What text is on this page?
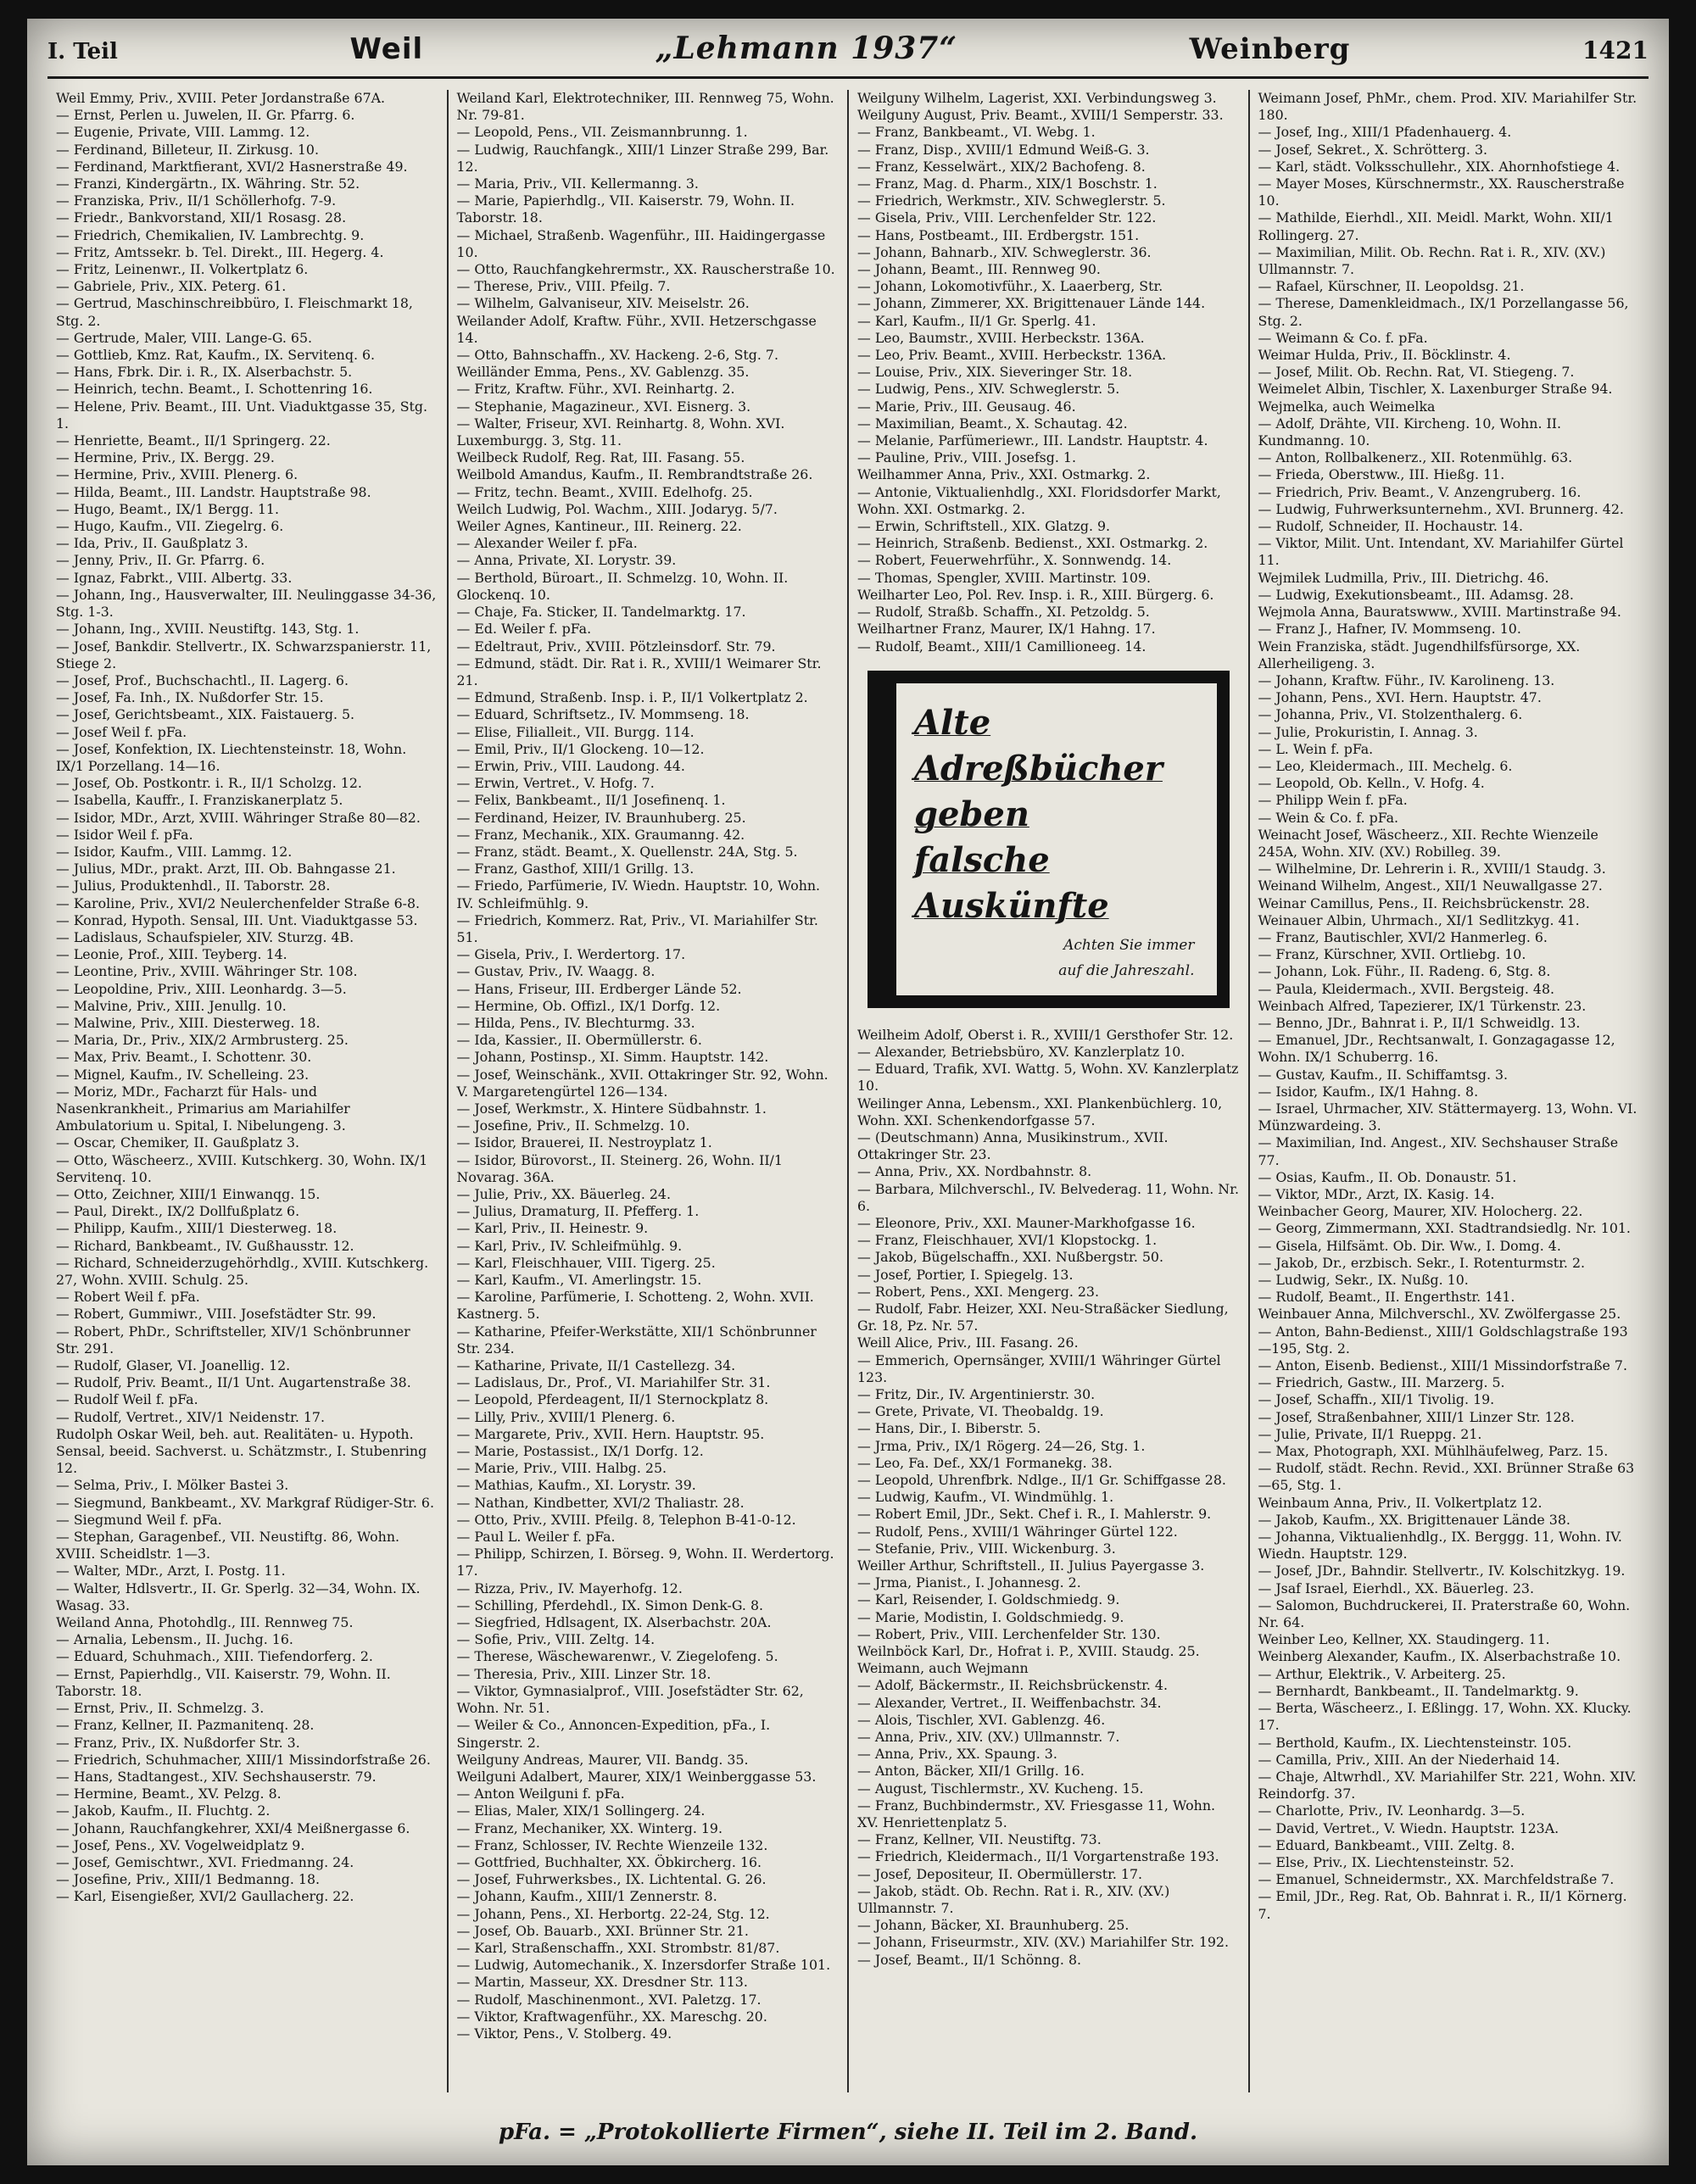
I. Teil	Weil	„Lehmann 1937“	Weinberg	1421

Weil Emmy, Priv., XVIII. Peter Jordanstraße 67A.

— Ernst, Perlen u. Juwelen, II. Gr. Pfarrg. 6.

— Eugenie, Private, VIII. Lammg. 12.

— Ferdinand, Billeteur, II. Zirkusg. 10.

— Ferdinand, Marktfierant, XVI/2 Hasnerstraße 49.

— Franzi, Kindergärtn., IX. Währing. Str. 52.

— Franziska, Priv., II/1 Schöllerhofg. 7-9.

— Friedr., Bankvorstand, XII/1 Rosasg. 28.

— Friedrich, Chemikalien, IV. Lambrechtg. 9.

— Fritz, Amtssekr. b. Tel. Direkt., III. Hegerg. 4.

— Fritz, Leinenwr., II. Volkertplatz 6.

— Gabriele, Priv., XIX. Peterg. 61.

— Gertrud, Maschinschreibbüro, I. Fleischmarkt 18, Stg. 2.

— Gertrude, Maler, VIII. Lange-G. 65.

— Gottlieb, Kmz. Rat, Kaufm., IX. Servitenq. 6.

— Hans, Fbrk. Dir. i. R., IX. Alserbachstr. 5.

— Heinrich, techn. Beamt., I. Schottenring 16.

— Helene, Priv. Beamt., III. Unt. Viaduktgasse 35, Stg. 1.

— Henriette, Beamt., II/1 Springerg. 22.

— Hermine, Priv., IX. Bergg. 29.

— Hermine, Priv., XVIII. Plenerg. 6.

— Hilda, Beamt., III. Landstr. Hauptstraße 98.

— Hugo, Beamt., IX/1 Bergg. 11.

— Hugo, Kaufm., VII. Ziegelrg. 6.

— Ida, Priv., II. Gaußplatz 3.

— Jenny, Priv., II. Gr. Pfarrg. 6.

— Ignaz, Fabrkt., VIII. Albertg. 33.

— Johann, Ing., Hausverwalter, III. Neulinggasse 34-36, Stg. 1-3.

— Johann, Ing., XVIII. Neustiftg. 143, Stg. 1.

— Josef, Bankdir. Stellvertr., IX. Schwarzspanierstr. 11, Stiege 2.

— Josef, Prof., Buchschachtl., II. Lagerg. 6.

— Josef, Fa. Inh., IX. Nußdorfer Str. 15.

— Josef, Gerichtsbeamt., XIX. Faistauerg. 5.

— Josef Weil f. pFa.

— Josef, Konfektion, IX. Liechtensteinstr. 18, Wohn. IX/1 Porzellang. 14—16.

— Josef, Ob. Postkontr. i. R., II/1 Scholzg. 12.

— Isabella, Kauffr., I. Franziskanerplatz 5.

— Isidor, MDr., Arzt, XVIII. Währinger Straße 80—82.

— Isidor Weil f. pFa.

— Isidor, Kaufm., VIII. Lammg. 12.

— Julius, MDr., prakt. Arzt, III. Ob. Bahngasse 21.

— Julius, Produktenhdl., II. Taborstr. 28.

— Karoline, Priv., XVI/2 Neulerchenfelder Straße 6-8.

— Konrad, Hypoth. Sensal, III. Unt. Viaduktgasse 53.

— Ladislaus, Schaufspieler, XIV. Sturzg. 4B.

— Leonie, Prof., XIII. Teyberg. 14.

— Leontine, Priv., XVIII. Währinger Str. 108.

— Leopoldine, Priv., XIII. Leonhardg. 3—5.

— Malvine, Priv., XIII. Jenullg. 10.

— Malwine, Priv., XIII. Diesterweg. 18.

— Maria, Dr., Priv., XIX/2 Armbrusterg. 25.

— Max, Priv. Beamt., I. Schottenr. 30.

— Mignel, Kaufm., IV. Schelleing. 23.

— Moriz, MDr., Facharzt für Hals- und Nasenkrankheit., Primarius am Mariahilfer Ambulatorium u. Spital, I. Nibelungeng. 3.

— Oscar, Chemiker, II. Gaußplatz 3.

— Otto, Wäscheerz., XVIII. Kutschkerg. 30, Wohn. IX/1 Servitenq. 10.

— Otto, Zeichner, XIII/1 Einwanqg. 15.

— Paul, Direkt., IX/2 Dollfußplatz 6.

— Philipp, Kaufm., XIII/1 Diesterweg. 18.

— Richard, Bankbeamt., IV. Gußhausstr. 12.

— Richard, Schneiderzugehörhdlg., XVIII. Kutschkerg. 27, Wohn. XVIII. Schulg. 25.

— Robert Weil f. pFa.

— Robert, Gummiwr., VIII. Josefstädter Str. 99.

— Robert, PhDr., Schriftsteller, XIV/1 Schönbrunner Str. 291.

— Rudolf, Glaser, VI. Joanellig. 12.

— Rudolf, Priv. Beamt., II/1 Unt. Augartenstraße 38.

— Rudolf Weil f. pFa.

— Rudolf, Vertret., XIV/1 Neidenstr. 17.

Rudolph Oskar Weil, beh. aut. Realitäten- u. Hypoth. Sensal, beeid. Sachverst. u. Schätzmstr., I. Stubenring 12.

— Selma, Priv., I. Mölker Bastei 3.

— Siegmund, Bankbeamt., XV. Markgraf Rüdiger-Str. 6.

— Siegmund Weil f. pFa.

— Stephan, Garagenbef., VII. Neustiftg. 86, Wohn. XVIII. Scheidlstr. 1—3.

— Walter, MDr., Arzt, I. Postg. 11.

— Walter, Hdlsvertr., II. Gr. Sperlg. 32—34, Wohn. IX. Wasag. 33.

Weiland Anna, Photohdlg., III. Rennweg 75.

— Arnalia, Lebensm., II. Juchg. 16.

— Eduard, Schuhmach., XIII. Tiefendorferg. 2.

— Ernst, Papierhdlg., VII. Kaiserstr. 79, Wohn. II. Taborstr. 18.

— Ernst, Priv., II. Schmelzg. 3.

— Franz, Kellner, II. Pazmanitenq. 28.

— Franz, Priv., IX. Nußdorfer Str. 3.

— Friedrich, Schuhmacher, XIII/1 Missindorfstraße 26.

— Hans, Stadtangest., XIV. Sechshauserstr. 79.

— Hermine, Beamt., XV. Pelzg. 8.

— Jakob, Kaufm., II. Fluchtg. 2.

— Johann, Rauchfangkehrer, XXI/4 Meißnergasse 6.

— Josef, Pens., XV. Vogelweidplatz 9.

— Josef, Gemischtwr., XVI. Friedmanng. 24.

— Josefine, Priv., XIII/1 Bedmanng. 18.

— Karl, Eisengießer, XVI/2 Gaullacherg. 22.

Weiland Karl, Elektrotechniker, III. Rennweg 75, Wohn. Nr. 79-81.

— Leopold, Pens., VII. Zeismannbrunng. 1.

— Ludwig, Rauchfangk., XIII/1 Linzer Straße 299, Bar. 12.

— Maria, Priv., VII. Kellermanng. 3.

— Marie, Papierhdlg., VII. Kaiserstr. 79, Wohn. II. Taborstr. 18.

— Michael, Straßenb. Wagenführ., III. Haidingergasse 10.

— Otto, Rauchfangkehrermstr., XX. Rauscherstraße 10.

— Therese, Priv., VIII. Pfeilg. 7.

— Wilhelm, Galvaniseur, XIV. Meiselstr. 26.

Weilander Adolf, Kraftw. Führ., XVII. Hetzerschgasse 14.

— Otto, Bahnschaffn., XV. Hackeng. 2-6, Stg. 7.

Weilländer Emma, Pens., XV. Gablenzg. 35.

— Fritz, Kraftw. Führ., XVI. Reinhartg. 2.

— Stephanie, Magazineur., XVI. Eisnerg. 3.

— Walter, Friseur, XVI. Reinhartg. 8, Wohn. XVI. Luxemburgg. 3, Stg. 11.

Weilbeck Rudolf, Reg. Rat, III. Fasang. 55.

Weilbold Amandus, Kaufm., II. Rembrandtstraße 26.

— Fritz, techn. Beamt., XVIII. Edelhofg. 25.

Weilch Ludwig, Pol. Wachm., XIII. Jodaryg. 5/7.

Weiler Agnes, Kantineur., III. Reinerg. 22.

— Alexander Weiler f. pFa.

— Anna, Private, XI. Lorystr. 39.

— Berthold, Büroart., II. Schmelzg. 10, Wohn. II. Glockenq. 10.

— Chaje, Fa. Sticker, II. Tandelmarktg. 17.

— Ed. Weiler f. pFa.

— Edeltraut, Priv., XVIII. Pötzleinsdorf. Str. 79.

— Edmund, städt. Dir. Rat i. R., XVIII/1 Weimarer Str. 21.

— Edmund, Straßenb. Insp. i. P., II/1 Volkertplatz 2.

— Eduard, Schriftsetz., IV. Mommseng. 18.

— Elise, Filialleit., VII. Burgg. 114.

— Emil, Priv., II/1 Glockeng. 10—12.

— Erwin, Priv., VIII. Laudong. 44.

— Erwin, Vertret., V. Hofg. 7.

— Felix, Bankbeamt., II/1 Josefinenq. 1.

— Ferdinand, Heizer, IV. Braunhuberg. 25.

— Franz, Mechanik., XIX. Graumanng. 42.

— Franz, städt. Beamt., X. Quellenstr. 24A, Stg. 5.

— Franz, Gasthof, XIII/1 Grillg. 13.

— Friedo, Parfümerie, IV. Wiedn. Hauptstr. 10, Wohn. IV. Schleifmühlg. 9.

— Friedrich, Kommerz. Rat, Priv., VI. Mariahilfer Str. 51.

— Gisela, Priv., I. Werdertorg. 17.

— Gustav, Priv., IV. Waagg. 8.

— Hans, Friseur, III. Erdberger Lände 52.

— Hermine, Ob. Offizl., IX/1 Dorfg. 12.

— Hilda, Pens., IV. Blechturmg. 33.

— Ida, Kassier., II. Obermüllerstr. 6.

— Johann, Postinsp., XI. Simm. Hauptstr. 142.

— Josef, Weinschänk., XVII. Ottakringer Str. 92, Wohn. V. Margaretengürtel 126—134.

— Josef, Werkmstr., X. Hintere Südbahnstr. 1.

— Josefine, Priv., II. Schmelzg. 10.

— Isidor, Brauerei, II. Nestroyplatz 1.

— Isidor, Bürovorst., II. Steinerg. 26, Wohn. II/1 Novarag. 36A.

— Julie, Priv., XX. Bäuerleg. 24.

— Julius, Dramaturg, II. Pfefferg. 1.

— Karl, Priv., II. Heinestr. 9.

— Karl, Priv., IV. Schleifmühlg. 9.

— Karl, Fleischhauer, VIII. Tigerg. 25.

— Karl, Kaufm., VI. Amerlingstr. 15.

— Karoline, Parfümerie, I. Schotteng. 2, Wohn. XVII. Kastnerg. 5.

— Katharine, Pfeifer-Werkstätte, XII/1 Schönbrunner Str. 234.

— Katharine, Private, II/1 Castellezg. 34.

— Ladislaus, Dr., Prof., VI. Mariahilfer Str. 31.

— Leopold, Pferdeagent, II/1 Sternockplatz 8.

— Lilly, Priv., XVIII/1 Plenerg. 6.

— Margarete, Priv., XVII. Hern. Hauptstr. 95.

— Marie, Postassist., IX/1 Dorfg. 12.

— Marie, Priv., VIII. Halbg. 25.

— Mathias, Kaufm., XI. Lorystr. 39.

— Nathan, Kindbetter, XVI/2 Thaliastr. 28.

— Otto, Priv., XVIII. Pfeilg. 8, Telephon B-41-0-12.

— Paul L. Weiler f. pFa.

— Philipp, Schirzen, I. Börseg. 9, Wohn. II. Werdertorg. 17.

— Rizza, Priv., IV. Mayerhofg. 12.

— Schilling, Pferdehdl., IX. Simon Denk-G. 8.

— Siegfried, Hdlsagent, IX. Alserbachstr. 20A.

— Sofie, Priv., VIII. Zeltg. 14.

— Therese, Wäschewarenwr., V. Ziegelofeng. 5.

— Theresia, Priv., XIII. Linzer Str. 18.

— Viktor, Gymnasialprof., VIII. Josefstädter Str. 62, Wohn. Nr. 51.

— Weiler & Co., Annoncen-Expedition, pFa., I. Singerstr. 2.

Weilguny Andreas, Maurer, VII. Bandg. 35.

Weilguni Adalbert, Maurer, XIX/1 Weinberggasse 53.

— Anton Weilguni f. pFa.

— Elias, Maler, XIX/1 Sollingerg. 24.

— Franz, Mechaniker, XX. Winterg. 19.

— Franz, Schlosser, IV. Rechte Wienzeile 132.

— Gottfried, Buchhalter, XX. Öbkircherg. 16.

— Josef, Fuhrwerksbes., IX. Lichtental. G. 26.

— Johann, Kaufm., XIII/1 Zennerstr. 8.

— Johann, Pens., XI. Herbortg. 22-24, Stg. 12.

— Josef, Ob. Bauarb., XXI. Brünner Str. 21.

— Karl, Straßenschaffn., XXI. Strombstr. 81/87.

— Ludwig, Automechanik., X. Inzersdorfer Straße 101.

— Martin, Masseur, XX. Dresdner Str. 113.

— Rudolf, Maschinenmont., XVI. Paletzg. 17.

— Viktor, Kraftwagenführ., XX. Mareschg. 20.

— Viktor, Pens., V. Stolberg. 49.

Weilguny Wilhelm, Lagerist, XXI. Verbindungsweg 3.

Weilguny August, Priv. Beamt., XVIII/1 Semperstr. 33.

— Franz, Bankbeamt., VI. Webg. 1.

— Franz, Disp., XVIII/1 Edmund Weiß-G. 3.

— Franz, Kesselwärt., XIX/2 Bachofeng. 8.

— Franz, Mag. d. Pharm., XIX/1 Boschstr. 1.

— Friedrich, Werkmstr., XIV. Schweglerstr. 5.

— Gisela, Priv., VIII. Lerchenfelder Str. 122.

— Hans, Postbeamt., III. Erdbergstr. 151.

— Johann, Bahnarb., XIV. Schweglerstr. 36.

— Johann, Beamt., III. Rennweg 90.

— Johann, Lokomotivführ., X. Laaerberg, Str.

— Johann, Zimmerer, XX. Brigittenauer Lände 144.

— Karl, Kaufm., II/1 Gr. Sperlg. 41.

— Leo, Baumstr., XVIII. Herbeckstr. 136A.

— Leo, Priv. Beamt., XVIII. Herbeckstr. 136A.

— Louise, Priv., XIX. Sieveringer Str. 18.

— Ludwig, Pens., XIV. Schweglerstr. 5.

— Marie, Priv., III. Geusaug. 46.

— Maximilian, Beamt., X. Schautag. 42.

— Melanie, Parfümeriewr., III. Landstr. Hauptstr. 4.

— Pauline, Priv., VIII. Josefsg. 1.

Weilhammer Anna, Priv., XXI. Ostmarkg. 2.

— Antonie, Viktualienhdlg., XXI. Floridsdorfer Markt, Wohn. XXI. Ostmarkg. 2.

— Erwin, Schriftstell., XIX. Glatzg. 9.

— Heinrich, Straßenb. Bedienst., XXI. Ostmarkg. 2.

— Robert, Feuerwehrführ., X. Sonnwendg. 14.

— Thomas, Spengler, XVIII. Martinstr. 109.

Weilharter Leo, Pol. Rev. Insp. i. R., XIII. Bürgerg. 6.

— Rudolf, Straßb. Schaffn., XI. Petzoldg. 5.

Weilhartner Franz, Maurer, IX/1 Hahng. 17.

— Rudolf, Beamt., XIII/1 Camillioneeg. 14.

Alte
Adreßbücher
geben
falsche Auskünfte
Achten Sie immer
auf die Jahreszahl.

Weilheim Adolf, Oberst i. R., XVIII/1 Gersthofer Str. 12.

— Alexander, Betriebsbüro, XV. Kanzlerplatz 10.

— Eduard, Trafik, XVI. Wattg. 5, Wohn. XV. Kanzlerplatz 10.

Weilinger Anna, Lebensm., XXI. Plankenbüchlerg. 10, Wohn. XXI. Schenkendorfgasse 57.

— (Deutschmann) Anna, Musikinstrum., XVII. Ottakringer Str. 23.

— Anna, Priv., XX. Nordbahnstr. 8.

— Barbara, Milchverschl., IV. Belvederag. 11, Wohn. Nr. 6.

— Eleonore, Priv., XXI. Mauner-Markhofgasse 16.

— Franz, Fleischhauer, XVI/1 Klopstockg. 1.

— Jakob, Bügelschaffn., XXI. Nußbergstr. 50.

— Josef, Portier, I. Spiegelg. 13.

— Robert, Pens., XXI. Mengerg. 23.

— Rudolf, Fabr. Heizer, XXI. Neu-Straßäcker Siedlung, Gr. 18, Pz. Nr. 57.

Weill Alice, Priv., III. Fasang. 26.

— Emmerich, Opernsänger, XVIII/1 Währinger Gürtel 123.

— Fritz, Dir., IV. Argentinierstr. 30.

— Grete, Private, VI. Theobaldg. 19.

— Hans, Dir., I. Biberstr. 5.

— Jrma, Priv., IX/1 Rögerg. 24—26, Stg. 1.

— Leo, Fa. Def., XX/1 Formanekg. 38.

— Leopold, Uhrenfbrk. Ndlge., II/1 Gr. Schiffgasse 28.

— Ludwig, Kaufm., VI. Windmühlg. 1.

— Robert Emil, JDr., Sekt. Chef i. R., I. Mahlerstr. 9.

— Rudolf, Pens., XVIII/1 Währinger Gürtel 122.

— Stefanie, Priv., VIII. Wickenburg. 3.

Weiller Arthur, Schriftstell., II. Julius Payergasse 3.

— Jrma, Pianist., I. Johannesg. 2.

— Karl, Reisender, I. Goldschmiedg. 9.

— Marie, Modistin, I. Goldschmiedg. 9.

— Robert, Priv., VIII. Lerchenfelder Str. 130.

Weilnböck Karl, Dr., Hofrat i. P., XVIII. Staudg. 25.

Weimann, auch Wejmann

— Adolf, Bäckermstr., II. Reichsbrückenstr. 4.

— Alexander, Vertret., II. Weiffenbachstr. 34.

— Alois, Tischler, XVI. Gablenzg. 46.

— Anna, Priv., XIV. (XV.) Ullmannstr. 7.

— Anna, Priv., XX. Spaung. 3.

— Anton, Bäcker, XII/1 Grillg. 16.

— August, Tischlermstr., XV. Kucheng. 15.

— Franz, Buchbindermstr., XV. Friesgasse 11, Wohn. XV. Henriettenplatz 5.

— Franz, Kellner, VII. Neustiftg. 73.

— Friedrich, Kleidermach., II/1 Vorgartenstraße 193.

— Josef, Depositeur, II. Obermüllerstr. 17.

— Jakob, städt. Ob. Rechn. Rat i. R., XIV. (XV.) Ullmannstr. 7.

— Johann, Bäcker, XI. Braunhuberg. 25.

— Johann, Friseurmstr., XIV. (XV.) Mariahilfer Str. 192.

— Josef, Beamt., II/1 Schönng. 8.

Weimann Josef, PhMr., chem. Prod. XIV. Mariahilfer Str. 180.

— Josef, Ing., XIII/1 Pfadenhauerg. 4.

— Josef, Sekret., X. Schrötterg. 3.

— Karl, städt. Volksschullehr., XIX. Ahornhofstiege 4.

— Mayer Moses, Kürschnermstr., XX. Rauscherstraße 10.

— Mathilde, Eierhdl., XII. Meidl. Markt, Wohn. XII/1 Rollingerg. 27.

— Maximilian, Milit. Ob. Rechn. Rat i. R., XIV. (XV.) Ullmannstr. 7.

— Rafael, Kürschner, II. Leopoldsg. 21.

— Therese, Damenkleidmach., IX/1 Porzellangasse 56, Stg. 2.

— Weimann & Co. f. pFa.

Weimar Hulda, Priv., II. Böcklinstr. 4.

— Josef, Milit. Ob. Rechn. Rat, VI. Stiegeng. 7.

Weimelet Albin, Tischler, X. Laxenburger Straße 94.

Wejmelka, auch Weimelka

— Adolf, Drähte, VII. Kircheng. 10, Wohn. II. Kundmanng. 10.

— Anton, Rollbalkenerz., XII. Rotenmühlg. 63.

— Frieda, Oberstww., III. Hießg. 11.

— Friedrich, Priv. Beamt., V. Anzengruberg. 16.

— Ludwig, Fuhrwerksunternehm., XVI. Brunnerg. 42.

— Rudolf, Schneider, II. Hochaustr. 14.

— Viktor, Milit. Unt. Intendant, XV. Mariahilfer Gürtel 11.

Wejmilek Ludmilla, Priv., III. Dietrichg. 46.

— Ludwig, Exekutionsbeamt., III. Adamsg. 28.

Wejmola Anna, Bauratswww., XVIII. Martinstraße 94.

— Franz J., Hafner, IV. Mommseng. 10.

Wein Franziska, städt. Jugendhilfsfürsorge, XX. Allerheiligeng. 3.

— Johann, Kraftw. Führ., IV. Karolineng. 13.

— Johann, Pens., XVI. Hern. Hauptstr. 47.

— Johanna, Priv., VI. Stolzenthalerg. 6.

— Julie, Prokuristin, I. Annag. 3.

— L. Wein f. pFa.

— Leo, Kleidermach., III. Mechelg. 6.

— Leopold, Ob. Kelln., V. Hofg. 4.

— Philipp Wein f. pFa.

— Wein & Co. f. pFa.

Weinacht Josef, Wäscheerz., XII. Rechte Wienzeile 245A, Wohn. XIV. (XV.) Robilleg. 39.

— Wilhelmine, Dr. Lehrerin i. R., XVIII/1 Staudg. 3.

Weinand Wilhelm, Angest., XII/1 Neuwallgasse 27.

Weinar Camillus, Pens., II. Reichsbrückenstr. 28.

Weinauer Albin, Uhrmach., XI/1 Sedlitzkyg. 41.

— Franz, Bautischler, XVI/2 Hanmerleg. 6.

— Franz, Kürschner, XVII. Ortliebg. 10.

— Johann, Lok. Führ., II. Radeng. 6, Stg. 8.

— Paula, Kleidermach., XVII. Bergsteig. 48.

Weinbach Alfred, Tapezierer, IX/1 Türkenstr. 23.

— Benno, JDr., Bahnrat i. P., II/1 Schweidlg. 13.

— Emanuel, JDr., Rechtsanwalt, I. Gonzagagasse 12, Wohn. IX/1 Schuberrg. 16.

— Gustav, Kaufm., II. Schiffamtsg. 3.

— Isidor, Kaufm., IX/1 Hahng. 8.

— Israel, Uhrmacher, XIV. Stättermayerg. 13, Wohn. VI. Münzwardeing. 3.

— Maximilian, Ind. Angest., XIV. Sechshauser Straße 77.

— Osias, Kaufm., II. Ob. Donaustr. 51.

— Viktor, MDr., Arzt, IX. Kasig. 14.

Weinbacher Georg, Maurer, XIV. Holocherg. 22.

— Georg, Zimmermann, XXI. Stadtrandsiedlg. Nr. 101.

— Gisela, Hilfsämt. Ob. Dir. Ww., I. Domg. 4.

— Jakob, Dr., erzbisch. Sekr., I. Rotenturmstr. 2.

— Ludwig, Sekr., IX. Nußg. 10.

— Rudolf, Beamt., II. Engerthstr. 141.

Weinbauer Anna, Milchverschl., XV. Zwölfergasse 25.

— Anton, Bahn-Bedienst., XIII/1 Goldschlagstraße 193—195, Stg. 2.

— Anton, Eisenb. Bedienst., XIII/1 Missindorfstraße 7.

— Friedrich, Gastw., III. Marzerg. 5.

— Josef, Schaffn., XII/1 Tivolig. 19.

— Josef, Straßenbahner, XIII/1 Linzer Str. 128.

— Julie, Private, II/1 Rueppg. 21.

— Max, Photograph, XXI. Mühlhäufelweg, Parz. 15.

— Rudolf, städt. Rechn. Revid., XXI. Brünner Straße 63—65, Stg. 1.

Weinbaum Anna, Priv., II. Volkertplatz 12.

— Jakob, Kaufm., XX. Brigittenauer Lände 38.

— Johanna, Viktualienhdlg., IX. Berggg. 11, Wohn. IV. Wiedn. Hauptstr. 129.

— Josef, JDr., Bahndir. Stellvertr., IV. Kolschitzkyg. 19.

— Jsaf Israel, Eierhdl., XX. Bäuerleg. 23.

— Salomon, Buchdruckerei, II. Praterstraße 60, Wohn. Nr. 64.

Weinber Leo, Kellner, XX. Staudingerg. 11.

Weinberg Alexander, Kaufm., IX. Alserbachstraße 10.

— Arthur, Elektrik., V. Arbeiterg. 25.

— Bernhardt, Bankbeamt., II. Tandelmarktg. 9.

— Berta, Wäscheerz., I. Eßlingg. 17, Wohn. XX. Klucky. 17.

— Berthold, Kaufm., IX. Liechtensteinstr. 105.

— Camilla, Priv., XIII. An der Niederhaid 14.

— Chaje, Altwrhdl., XV. Mariahilfer Str. 221, Wohn. XIV. Reindorfg. 37.

— Charlotte, Priv., IV. Leonhardg. 3—5.

— David, Vertret., V. Wiedn. Hauptstr. 123A.

— Eduard, Bankbeamt., VIII. Zeltg. 8.

— Else, Priv., IX. Liechtensteinstr. 52.

— Emanuel, Schneidermstr., XX. Marchfeldstraße 7.

— Emil, JDr., Reg. Rat, Ob. Bahnrat i. R., II/1 Körnerg. 7.

pFa. = „Protokollierte Firmen“, siehe II. Teil im 2. Band.
